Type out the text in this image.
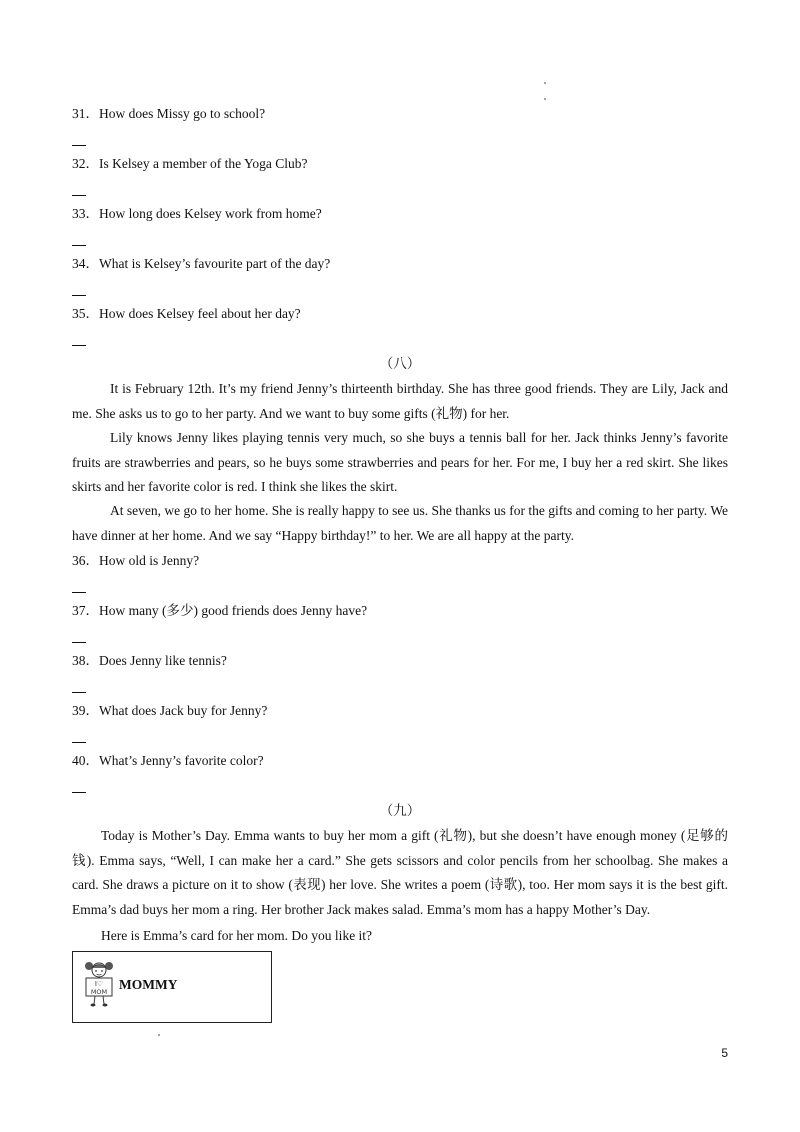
31．How does Missy go to school?
32．Is Kelsey a member of the Yoga Club?
33．How long does Kelsey work from home?
34．What is Kelsey’s favourite part of the day?
35．How does Kelsey feel about her day?
（八）
It is February 12th. It’s my friend Jenny’s thirteenth birthday. She has three good friends. They are Lily, Jack and me. She asks us to go to her party. And we want to buy some gifts (礼物) for her.
Lily knows Jenny likes playing tennis very much, so she buys a tennis ball for her. Jack thinks Jenny’s favorite fruits are strawberries and pears, so he buys some strawberries and pears for her. For me, I buy her a red skirt. She likes skirts and her favorite color is red. I think she likes the skirt.
At seven, we go to her home. She is really happy to see us. She thanks us for the gifts and coming to her party. We have dinner at her home. And we say “Happy birthday!” to her. We are all happy at the party.
36．How old is Jenny?
37．How many (多少) good friends does Jenny have?
38．Does Jenny like tennis?
39．What does Jack buy for Jenny?
40．What’s Jenny’s favorite color?
（九）
Today is Mother’s Day. Emma wants to buy her mom a gift (礼物), but she doesn’t have enough money (足够的钱). Emma says, “Well, I can make her a card.” She gets scissors and color pencils from her schoolbag. She makes a card. She draws a picture on it to show (表现) her love. She writes a poem (诗歌), too. Her mom says it is the best gift. Emma’s dad buys her mom a ring. Her brother Jack makes salad. Emma’s mom has a happy Mother’s Day.
Here is Emma’s card for her mom. Do you like it?
I♡
MOM MOMMY
5
